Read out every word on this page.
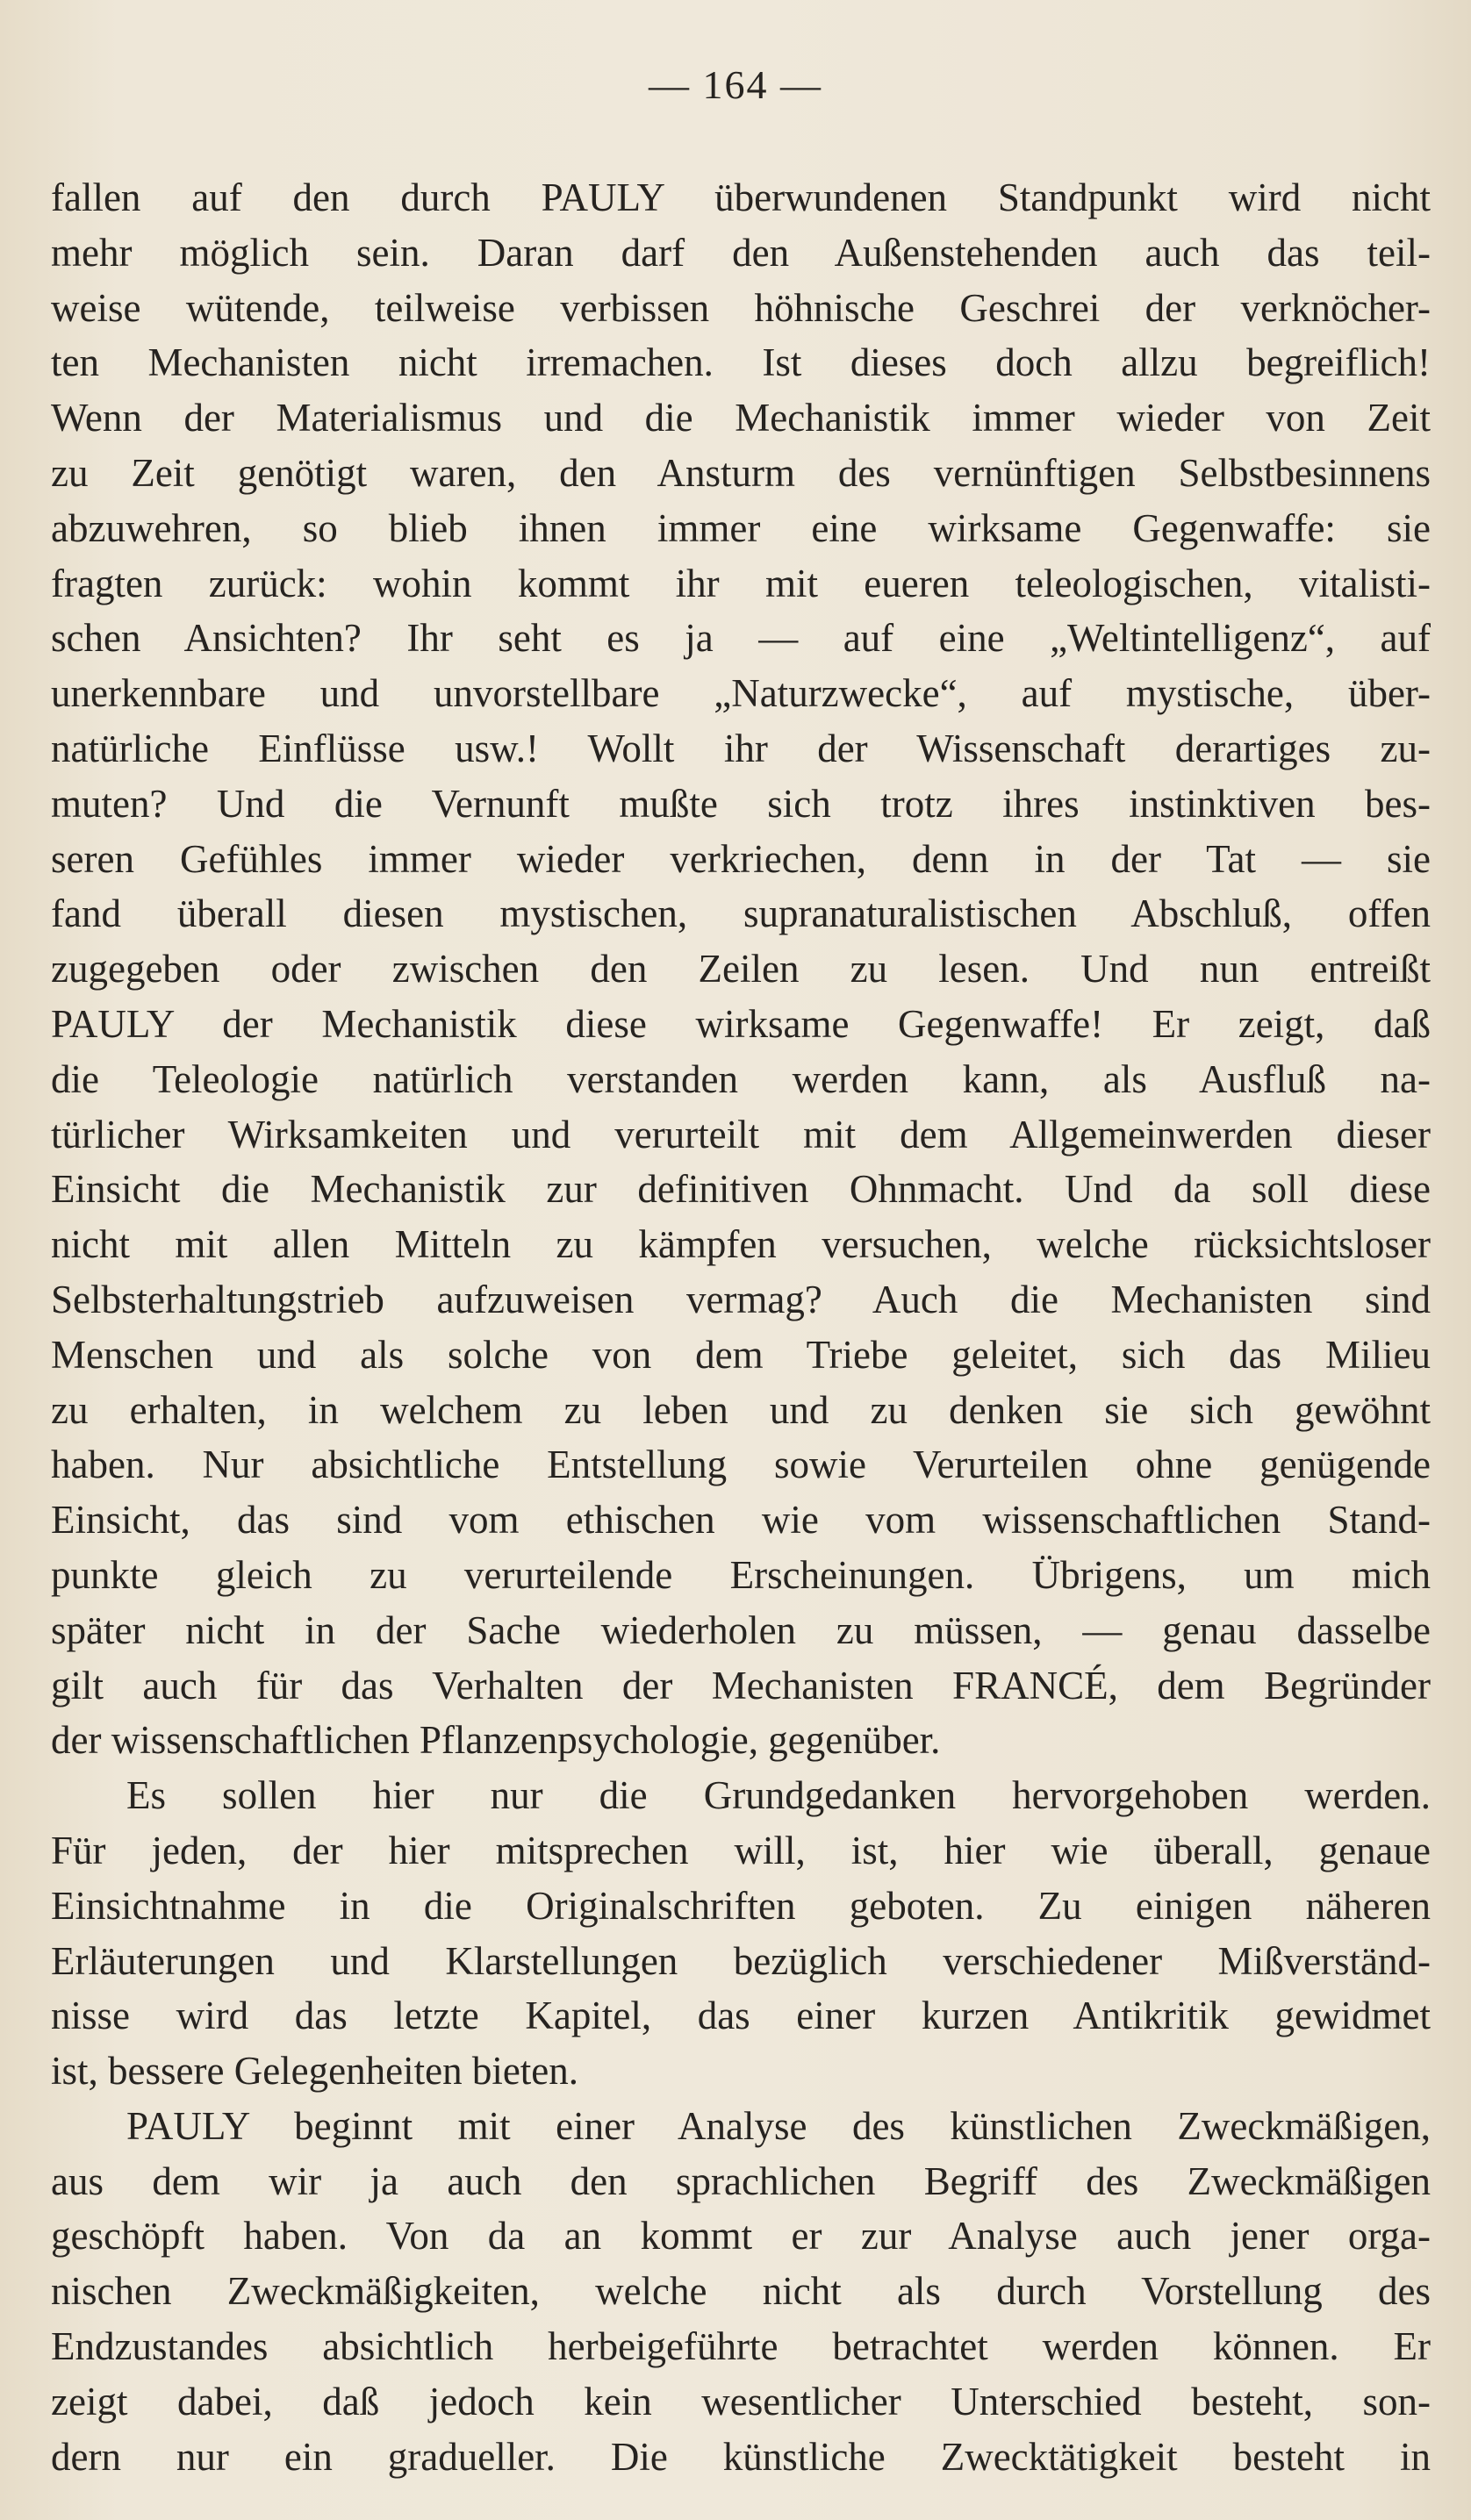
— 164 —
fallen auf den durch PAULY überwundenen Standpunkt wird nicht
mehr möglich sein. Daran darf den Außenstehenden auch das teil-
weise wütende, teilweise verbissen höhnische Geschrei der verknöcher-
ten Mechanisten nicht irremachen. Ist dieses doch allzu begreiflich!
Wenn der Materialismus und die Mechanistik immer wieder von Zeit
zu Zeit genötigt waren, den Ansturm des vernünftigen Selbstbesinnens
abzuwehren, so blieb ihnen immer eine wirksame Gegenwaffe: sie
fragten zurück: wohin kommt ihr mit eueren teleologischen, vitalisti-
schen Ansichten? Ihr seht es ja — auf eine „Weltintelligenz“, auf
unerkennbare und unvorstellbare „Naturzwecke“, auf mystische, über-
natürliche Einflüsse usw.! Wollt ihr der Wissenschaft derartiges zu-
muten? Und die Vernunft mußte sich trotz ihres instinktiven bes-
seren Gefühles immer wieder verkriechen, denn in der Tat — sie
fand überall diesen mystischen, supranaturalistischen Abschluß, offen
zugegeben oder zwischen den Zeilen zu lesen. Und nun entreißt
PAULY der Mechanistik diese wirksame Gegenwaffe! Er zeigt, daß
die Teleologie natürlich verstanden werden kann, als Ausfluß na-
türlicher Wirksamkeiten und verurteilt mit dem Allgemeinwerden dieser
Einsicht die Mechanistik zur definitiven Ohnmacht. Und da soll diese
nicht mit allen Mitteln zu kämpfen versuchen, welche rücksichtsloser
Selbsterhaltungstrieb aufzuweisen vermag? Auch die Mechanisten sind
Menschen und als solche von dem Triebe geleitet, sich das Milieu
zu erhalten, in welchem zu leben und zu denken sie sich gewöhnt
haben. Nur absichtliche Entstellung sowie Verurteilen ohne genügende
Einsicht, das sind vom ethischen wie vom wissenschaftlichen Stand-
punkte gleich zu verurteilende Erscheinungen. Übrigens, um mich
später nicht in der Sache wiederholen zu müssen, — genau dasselbe
gilt auch für das Verhalten der Mechanisten FRANCÉ, dem Begründer
der wissenschaftlichen Pflanzenpsychologie, gegenüber.
Es sollen hier nur die Grundgedanken hervorgehoben werden.
Für jeden, der hier mitsprechen will, ist, hier wie überall, genaue
Einsichtnahme in die Originalschriften geboten. Zu einigen näheren
Erläuterungen und Klarstellungen bezüglich verschiedener Mißverständ-
nisse wird das letzte Kapitel, das einer kurzen Antikritik gewidmet
ist, bessere Gelegenheiten bieten.
PAULY beginnt mit einer Analyse des künstlichen Zweckmäßigen,
aus dem wir ja auch den sprachlichen Begriff des Zweckmäßigen
geschöpft haben. Von da an kommt er zur Analyse auch jener orga-
nischen Zweckmäßigkeiten, welche nicht als durch Vorstellung des
Endzustandes absichtlich herbeigeführte betrachtet werden können. Er
zeigt dabei, daß jedoch kein wesentlicher Unterschied besteht, son-
dern nur ein gradueller. Die künstliche Zwecktätigkeit besteht in
